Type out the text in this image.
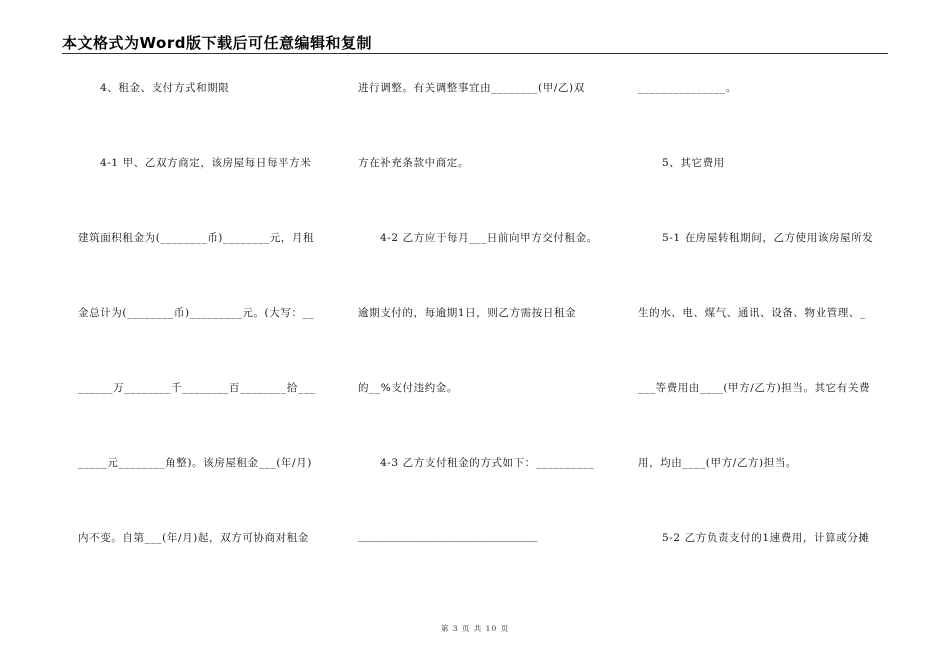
本文格式为Word版下载后可任意编辑和复制
4、租金、支付方式和期限
4-1 甲、乙双方商定，该房屋每日每平方米
建筑面积租金为(________币)________元，月租
金总计为(________币)_________元。(大写：__
______万________千________百________拾___
_____元________角整)。该房屋租金___(年/月)
内不变。自第___(年/月)起，双方可协商对租金
进行调整。有关调整事宜由________(甲/乙)双
方在补充条款中商定。
4-2 乙方应于每月___日前向甲方交付租金。
逾期支付的，每逾期1日，则乙方需按日租金
的__%支付违约金。
4-3 乙方支付租金的方式如下：__________
___________________________________________
_______________。
5、其它费用
5-1 在房屋转租期间，乙方使用该房屋所发
生的水、电、煤气、通讯、设备、物业管理、_
___等费用由____(甲方/乙方)担当。其它有关费
用，均由____(甲方/乙方)担当。
5-2 乙方负责支付的1速费用，计算或分摊
第 3 页 共 10 页
